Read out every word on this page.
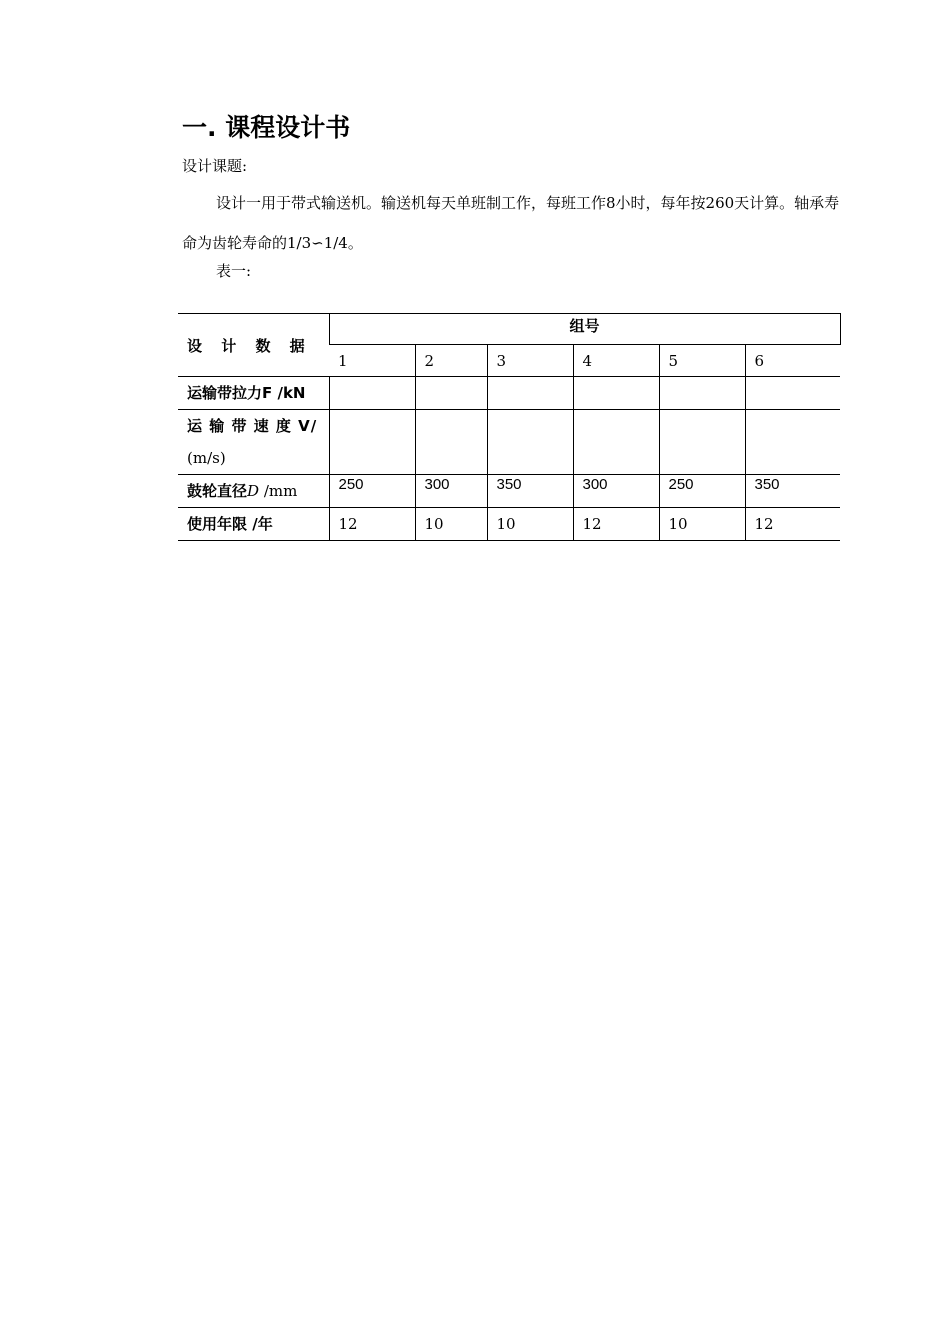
一. 课程设计书
设计课题:

设计一用于带式输送机。输送机每天单班制工作，每班工作8小时，每年按260天计算。轴承寿命为齿轮寿命的1/3∽1/4。

表一:
设 计 数 据	组号					
	1	2	3	4	5	6
运输带拉力F /kN						

运 输 带 速 度 V/
(m/s)						

鼓轮直径D /mm	250	300	350	300	250	350
使用年限 /年	12	10	10	12	10	12
